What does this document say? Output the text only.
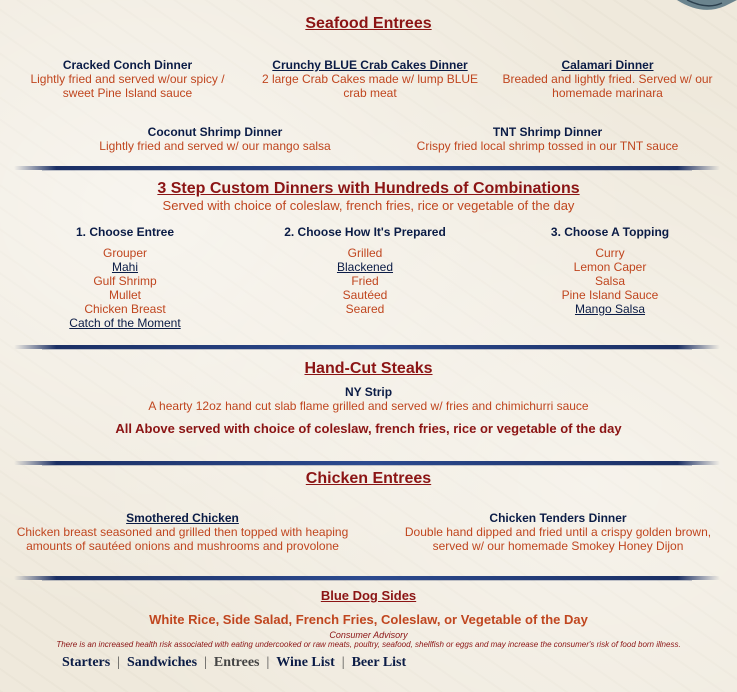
Seafood Entrees
Cracked Conch Dinner
Lightly fried and served w/our spicy / sweet Pine Island sauce
Crunchy BLUE Crab Cakes Dinner
2 large Crab Cakes made w/ lump BLUE crab meat
Calamari Dinner
Breaded and lightly fried. Served w/ our homemade marinara
Coconut Shrimp Dinner
Lightly fried and served w/ our mango salsa
TNT Shrimp Dinner
Crispy fried local shrimp tossed in our TNT sauce
3 Step Custom Dinners with Hundreds of Combinations
Served with choice of coleslaw, french fries, rice or vegetable of the day
1. Choose Entree
Grouper
Mahi
Gulf Shrimp
Mullet
Chicken Breast
Catch of the Moment
2. Choose How It's Prepared
Grilled
Blackened
Fried
Sautéed
Seared
3. Choose A Topping
Curry
Lemon Caper
Salsa
Pine Island Sauce
Mango Salsa
Hand-Cut Steaks
NY Strip
A hearty 12oz hand cut slab flame grilled and served w/ fries and chimichurri sauce
All Above served with choice of coleslaw, french fries, rice or vegetable of the day
Chicken Entrees
Smothered Chicken
Chicken breast seasoned and grilled then topped with heaping amounts of sautéed onions and mushrooms and provolone
Chicken Tenders Dinner
Double hand dipped and fried until a crispy golden brown, served w/ our homemade Smokey Honey Dijon
Blue Dog Sides
White Rice, Side Salad, French Fries, Coleslaw, or Vegetable of the Day
Consumer Advisory
There is an increased health risk associated with eating undercooked or raw meats, poultry, seafood, shellfish or eggs and may increase the consumer's risk of food born illness.
Starters | Sandwiches | Entrees | Wine List | Beer List
